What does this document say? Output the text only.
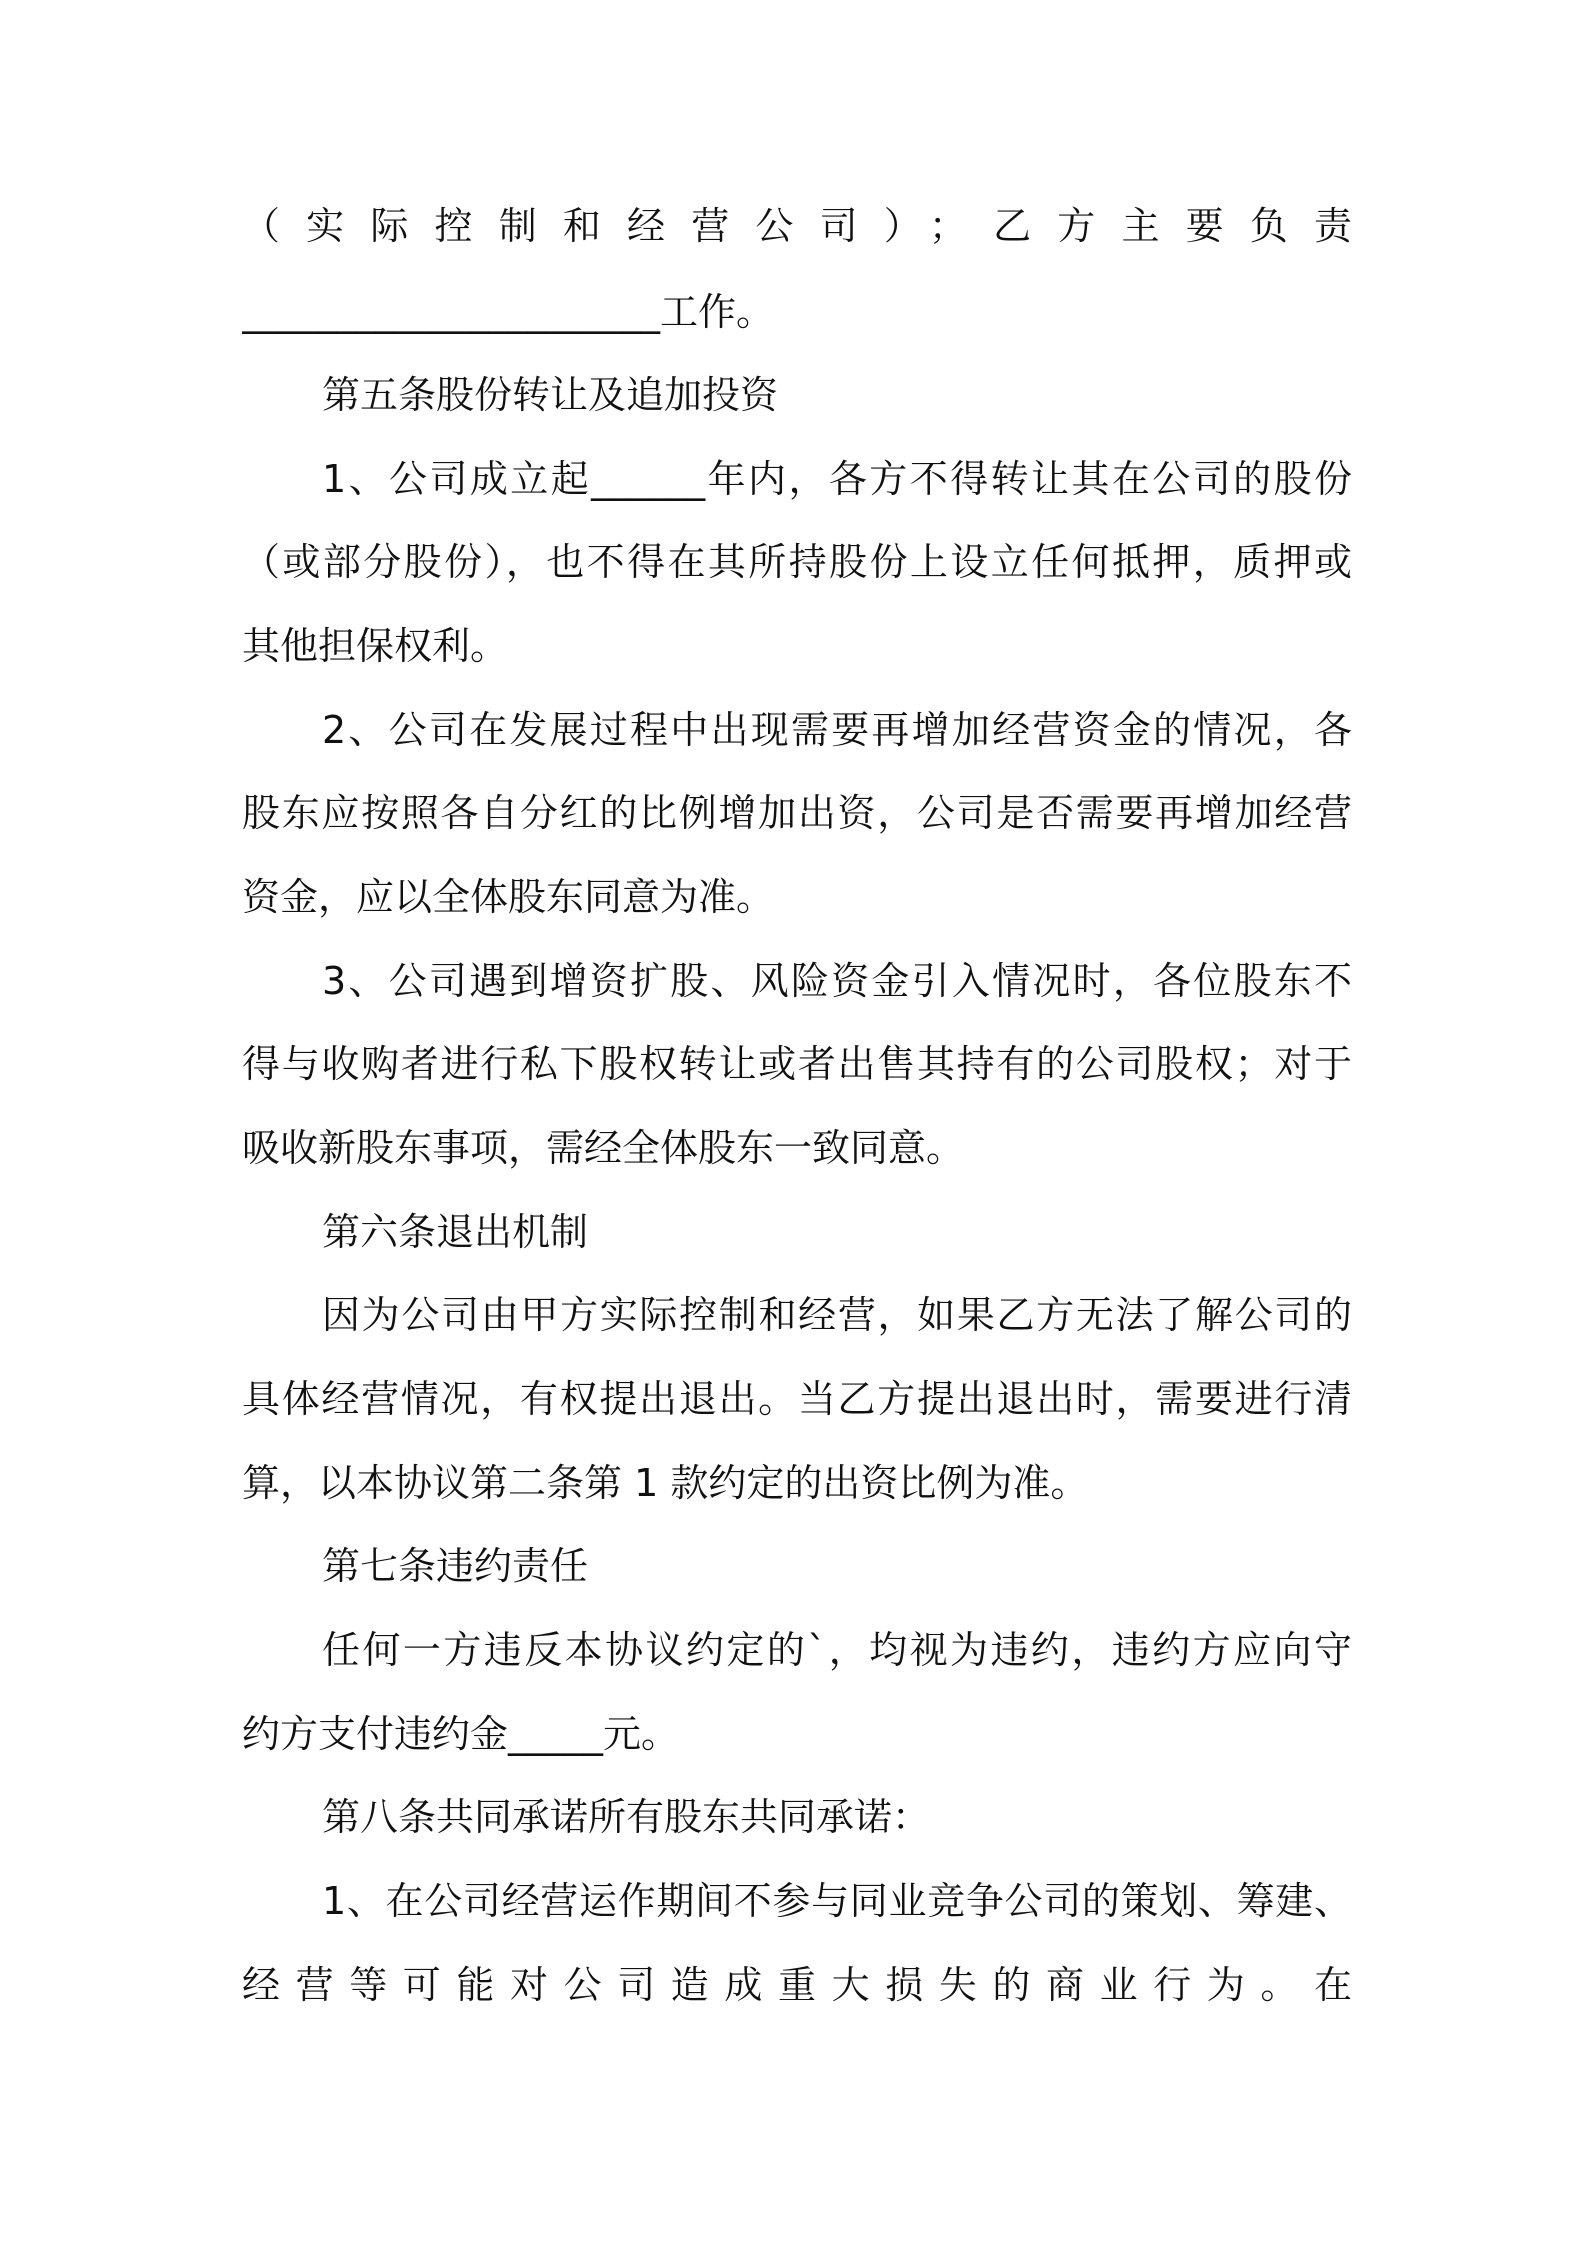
（实际控制和经营公司）；乙方主要负责
______________________工作。
第五条股份转让及追加投资
1、公司成立起______年内，各方不得转让其在公司的股份
（或部分股份），也不得在其所持股份上设立任何抵押，质押或
其他担保权利。
2、公司在发展过程中出现需要再增加经营资金的情况，各
股东应按照各自分红的比例增加出资，公司是否需要再增加经营
资金，应以全体股东同意为准。
3、公司遇到增资扩股、风险资金引入情况时，各位股东不
得与收购者进行私下股权转让或者出售其持有的公司股权；对于
吸收新股东事项，需经全体股东一致同意。
第六条退出机制
因为公司由甲方实际控制和经营，如果乙方无法了解公司的
具体经营情况，有权提出退出。当乙方提出退出时，需要进行清
算，以本协议第二条第 1 款约定的出资比例为准。
第七条违约责任
任何一方违反本协议约定的`，均视为违约，违约方应向守
约方支付违约金_____元。
第八条共同承诺所有股东共同承诺：
1、在公司经营运作期间不参与同业竞争公司的策划、筹建、
经营等可能对公司造成重大损失的商业行为。在
